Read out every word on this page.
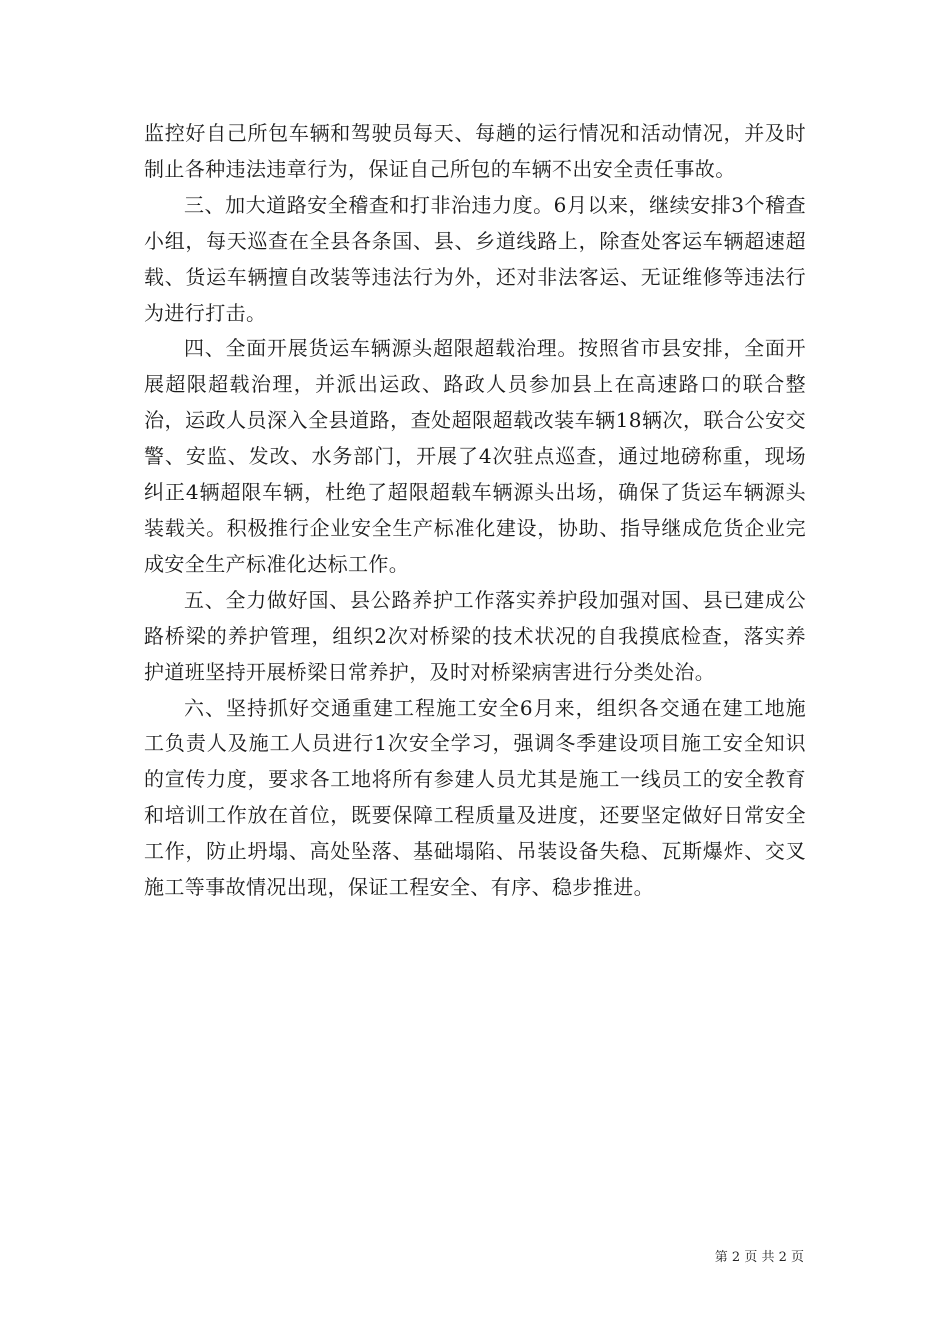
监控好自己所包车辆和驾驶员每天、每趟的运行情况和活动情况，并及时制止各种违法违章行为，保证自己所包的车辆不出安全责任事故。

三、加大道路安全稽查和打非治违力度。6月以来，继续安排3个稽查小组，每天巡查在全县各条国、县、乡道线路上，除查处客运车辆超速超载、货运车辆擅自改装等违法行为外，还对非法客运、无证维修等违法行为进行打击。

四、全面开展货运车辆源头超限超载治理。按照省市县安排，全面开展超限超载治理，并派出运政、路政人员参加县上在高速路口的联合整治，运政人员深入全县道路，查处超限超载改装车辆18辆次，联合公安交警、安监、发改、水务部门，开展了4次驻点巡查，通过地磅称重，现场纠正4辆超限车辆，杜绝了超限超载车辆源头出场，确保了货运车辆源头装载关。积极推行企业安全生产标准化建设，协助、指导继成危货企业完成安全生产标准化达标工作。

五、全力做好国、县公路养护工作落实养护段加强对国、县已建成公路桥梁的养护管理，组织2次对桥梁的技术状况的自我摸底检查，落实养护道班坚持开展桥梁日常养护，及时对桥梁病害进行分类处治。

六、坚持抓好交通重建工程施工安全6月来，组织各交通在建工地施工负责人及施工人员进行1次安全学习，强调冬季建设项目施工安全知识的宣传力度，要求各工地将所有参建人员尤其是施工一线员工的安全教育和培训工作放在首位，既要保障工程质量及进度，还要坚定做好日常安全工作，防止坍塌、高处坠落、基础塌陷、吊装设备失稳、瓦斯爆炸、交叉施工等事故情况出现，保证工程安全、有序、稳步推进。

第 2 页 共 2 页
